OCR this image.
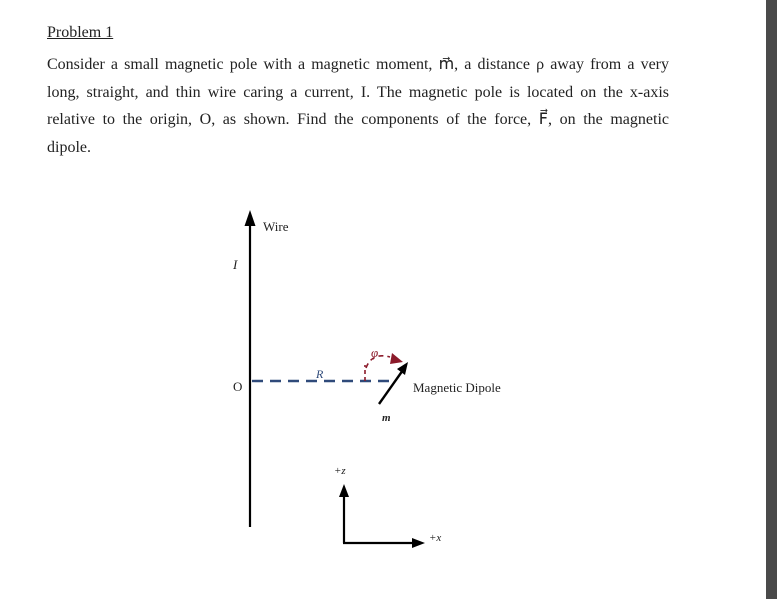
Problem 1

Consider a small magnetic pole with a magnetic moment, m⃗, a distance ρ away from a very
long, straight, and thin wire caring a current, I. The magnetic pole is located on the x-axis
relative to the origin, O, as shown. Find the components of the force, F⃗, on the magnetic
dipole.

Wire
I
O
R
φ
m⃗
Magnetic Dipole
+z
+x
